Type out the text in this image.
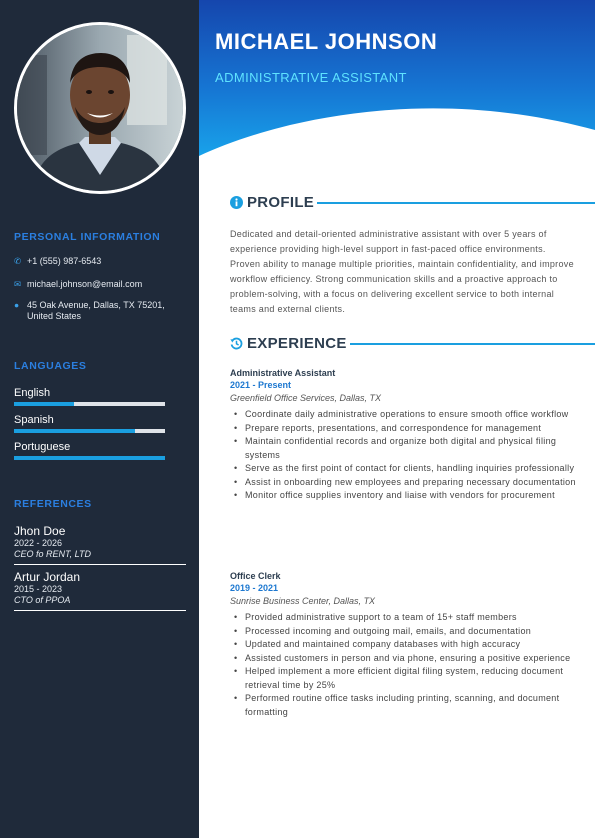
PERSONAL INFORMATION
✆ +1 (555) 987-6543
✉ michael.johnson@email.com
● 45 Oak Avenue, Dallas, TX 75201, United States
LANGUAGES
English
Spanish
Portuguese
REFERENCES
Jhon Doe
2022 - 2026
CEO fo RENT, LTD
Artur Jordan
2015 - 2023
CTO of PPOA
MICHAEL JOHNSON
ADMINISTRATIVE ASSISTANT
PROFILE
Dedicated and detail-oriented administrative assistant with over 5 years of experience providing high-level support in fast-paced office environments. Proven ability to manage multiple priorities, maintain confidentiality, and improve workflow efficiency. Strong communication skills and a proactive approach to problem-solving, with a focus on delivering excellent service to both internal teams and external clients.
EXPERIENCE
Administrative Assistant
2021 - Present
Greenfield Office Services, Dallas, TX
• Coordinate daily administrative operations to ensure smooth office workflow
• Prepare reports, presentations, and correspondence for management
• Maintain confidential records and organize both digital and physical filing systems
• Serve as the first point of contact for clients, handling inquiries professionally
• Assist in onboarding new employees and preparing necessary documentation
• Monitor office supplies inventory and liaise with vendors for procurement
Office Clerk
2019 - 2021
Sunrise Business Center, Dallas, TX
• Provided administrative support to a team of 15+ staff members
• Processed incoming and outgoing mail, emails, and documentation
• Updated and maintained company databases with high accuracy
• Assisted customers in person and via phone, ensuring a positive experience
• Helped implement a more efficient digital filing system, reducing document retrieval time by 25%
• Performed routine office tasks including printing, scanning, and document formatting
